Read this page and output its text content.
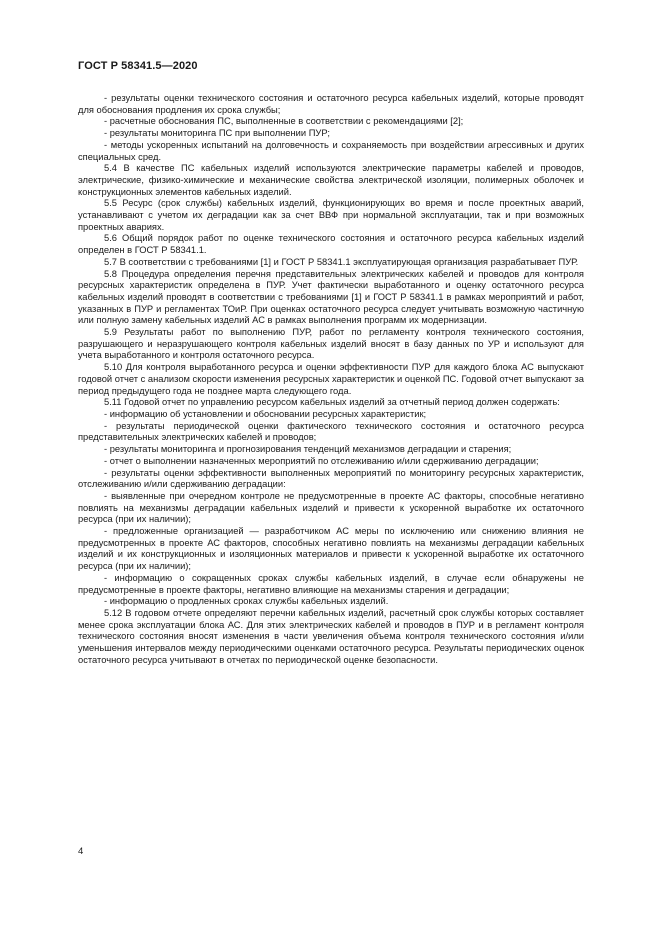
ГОСТ Р 58341.5—2020

- результаты оценки технического состояния и остаточного ресурса кабельных изделий, которые проводят для обоснования продления их срока службы;

- расчетные обоснования ПС, выполненные в соответствии с рекомендациями [2];

- результаты мониторинга ПС при выполнении ПУР;

- методы ускоренных испытаний на долговечность и сохраняемость при воздействии агрессивных и других специальных сред.

5.4 В качестве ПС кабельных изделий используются электрические параметры кабелей и проводов, электрические, физико-химические и механические свойства электрической изоляции, полимерных оболочек и конструкционных элементов кабельных изделий.

5.5 Ресурс (срок службы) кабельных изделий, функционирующих во время и после проектных аварий, устанавливают с учетом их деградации как за счет ВВФ при нормальной эксплуатации, так и при возможных проектных авариях.

5.6 Общий порядок работ по оценке технического состояния и остаточного ресурса кабельных изделий определен в ГОСТ Р 58341.1.

5.7 В соответствии с требованиями [1] и ГОСТ Р 58341.1 эксплуатирующая организация разрабатывает ПУР.

5.8 Процедура определения перечня представительных электрических кабелей и проводов для контроля ресурсных характеристик определена в ПУР. Учет фактически выработанного и оценку остаточного ресурса кабельных изделий проводят в соответствии с требованиями [1] и ГОСТ Р 58341.1 в рамках мероприятий и работ, указанных в ПУР и регламентах ТОиР. При оценках остаточного ресурса следует учитывать возможную частичную или полную замену кабельных изделий АС в рамках выполнения программ их модернизации.

5.9 Результаты работ по выполнению ПУР, работ по регламенту контроля технического состояния, разрушающего и неразрушающего контроля кабельных изделий вносят в базу данных по УР и используют для учета выработанного и контроля остаточного ресурса.

5.10 Для контроля выработанного ресурса и оценки эффективности ПУР для каждого блока АС выпускают годовой отчет с анализом скорости изменения ресурсных характеристик и оценкой ПС. Годовой отчет выпускают за период предыдущего года не позднее марта следующего года.

5.11 Годовой отчет по управлению ресурсом кабельных изделий за отчетный период должен содержать:

- информацию об установлении и обосновании ресурсных характеристик;

- результаты периодической оценки фактического технического состояния и остаточного ресурса представительных электрических кабелей и проводов;

- результаты мониторинга и прогнозирования тенденций механизмов деградации и старения;

- отчет о выполнении назначенных мероприятий по отслеживанию и/или сдерживанию деградации;

- результаты оценки эффективности выполненных мероприятий по мониторингу ресурсных характеристик, отслеживанию и/или сдерживанию деградации:

- выявленные при очередном контроле не предусмотренные в проекте АС факторы, способные негативно повлиять на механизмы деградации кабельных изделий и привести к ускоренной выработке их остаточного ресурса (при их наличии);

- предложенные организацией — разработчиком АС меры по исключению или снижению влияния не предусмотренных в проекте АС факторов, способных негативно повлиять на механизмы деградации кабельных изделий и их конструкционных и изоляционных материалов и привести к ускоренной выработке их остаточного ресурса (при их наличии);

- информацию о сокращенных сроках службы кабельных изделий, в случае если обнаружены не предусмотренные в проекте факторы, негативно влияющие на механизмы старения и деградации;

- информацию о продленных сроках службы кабельных изделий.

5.12 В годовом отчете определяют перечни кабельных изделий, расчетный срок службы которых составляет менее срока эксплуатации блока АС. Для этих электрических кабелей и проводов в ПУР и в регламент контроля технического состояния вносят изменения в части увеличения объема контроля технического состояния и/или уменьшения интервалов между периодическими оценками остаточного ресурса. Результаты периодических оценок остаточного ресурса учитывают в отчетах по периодической оценке безопасности.

4
